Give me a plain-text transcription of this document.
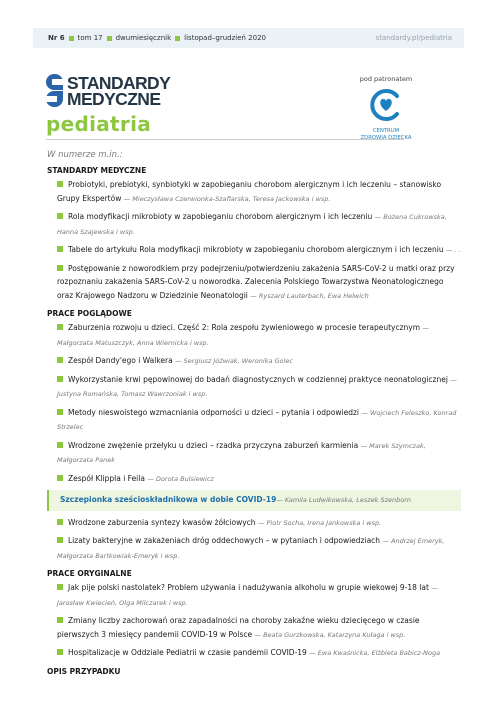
Nr 6 tom 17 dwumiesięcznik listopad–grudzień 2020	standardy.pl/pediatria
STANDARDY
MEDYCZNE
pediatria
pod patronatem
CENTRUM
ZDROWIA DZIECKA
W numerze m.in.:
STANDARDY MEDYCZNE
Probiotyki, prebiotyki, synbiotyki w zapobieganiu chorobom alergicznym i ich leczeniu – stanowisko Grupy Ekspertów — Mieczysława Czerwionka-Szaflarska, Teresa Jackowska i wsp.
Rola modyfikacji mikrobioty w zapobieganiu chorobom alergicznym i ich leczeniu — Bożena Cukrowska, Hanna Szajewska i wsp.
Tabele do artykułu Rola modyfikacji mikrobioty w zapobieganiu chorobom alergicznym i ich leczeniu — . .
Postępowanie z noworodkiem przy podejrzeniu/potwierdzeniu zakażenia SARS-CoV-2 u matki oraz przy rozpoznaniu zakażenia SARS-CoV-2 u noworodka. Zalecenia Polskiego Towarzystwa Neonatologicznego oraz Krajowego Nadzoru w Dziedzinie Neonatologii — Ryszard Lauterbach, Ewa Helwich
PRACE POGLĄDOWE
Zaburzenia rozwoju u dzieci. Część 2: Rola zespołu żywieniowego w procesie terapeutycznym — Małgorzata Matuszczyk, Anna Wiernicka i wsp.
Zespół Dandy'ego i Walkera — Sergiusz Jóźwiak, Weronika Golec
Wykorzystanie krwi pępowinowej do badań diagnostycznych w codziennej praktyce neonatologicznej — Justyna Romańska, Tomasz Wawrzoniak i wsp.
Metody nieswoistego wzmacniania odporności u dzieci – pytania i odpowiedzi — Wojciech Feleszko, Konrad Strzelec
Wrodzone zwężenie przełyku u dzieci – rzadka przyczyna zaburzeń karmienia — Marek Szymczak, Małgorzata Panek
Zespół Klippla i Feila — Dorota Bulsiewicz
Szczepionka sześcioskładnikowa w dobie COVID-19— Kamila Ludwikowska, Leszek Szenborn
Wrodzone zaburzenia syntezy kwasów żółciowych — Piotr Socha, Irena Jankowska i wsp.
Lizaty bakteryjne w zakażeniach dróg oddechowych – w pytaniach i odpowiedziach — Andrzej Emeryk, Małgorzata Bartkowiak-Emeryk i wsp.
PRACE ORYGINALNE
Jak pije polski nastolatek? Problem używania i nadużywania alkoholu w grupie wiekowej 9-18 lat — Jarosław Kwiecień, Olga Milczarek i wsp.
Zmiany liczby zachorowań oraz zapadalności na choroby zakaźne wieku dziecięcego w czasie pierwszych 3 miesięcy pandemii COVID-19 w Polsce — Beata Gurzkowska, Katarzyna Kułaga i wsp.
Hospitalizacje w Oddziale Pediatrii w czasie pandemii COVID-19 — Ewa Kwaśnicka, Elżbieta Babicz-Noga
OPIS PRZYPADKU
